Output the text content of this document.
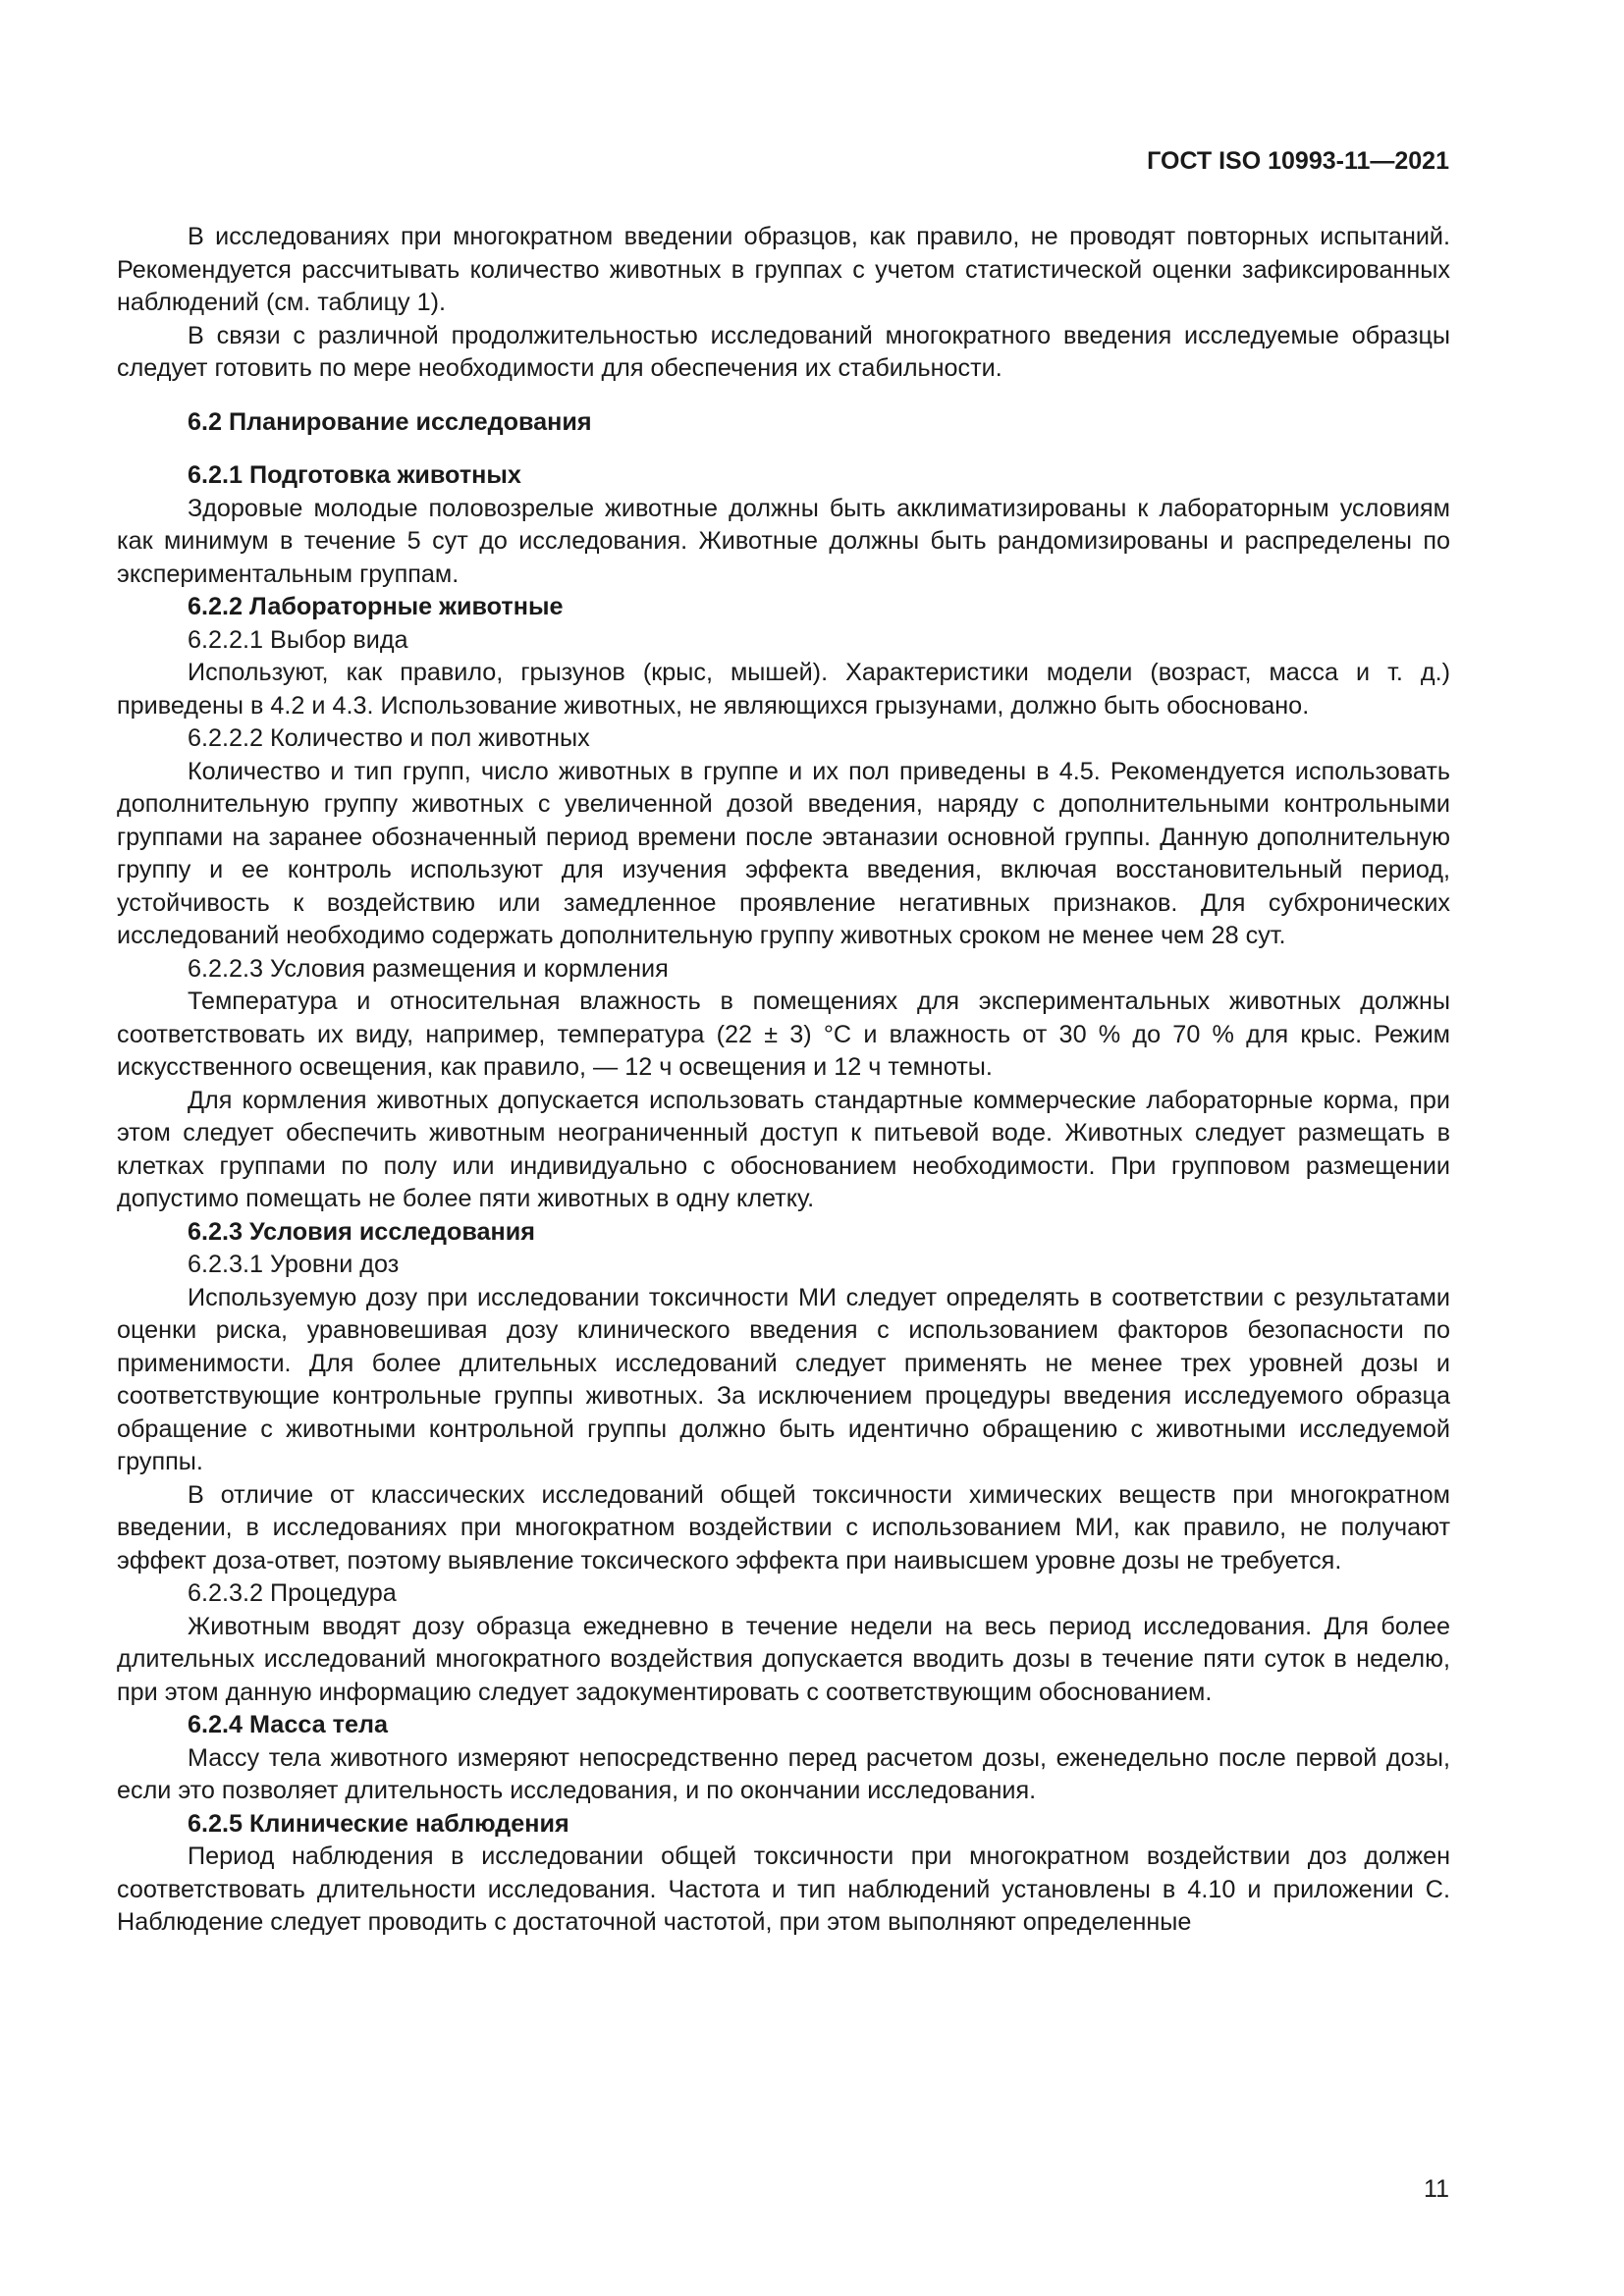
ГОСТ ISO 10993-11—2021

В исследованиях при многократном введении образцов, как правило, не проводят повторных испытаний. Рекомендуется рассчитывать количество животных в группах с учетом статистической оценки зафиксированных наблюдений (см. таблицу 1).

В связи с различной продолжительностью исследований многократного введения исследуемые образцы следует готовить по мере необходимости для обеспечения их стабильности.

6.2 Планирование исследования

6.2.1 Подготовка животных

Здоровые молодые половозрелые животные должны быть акклиматизированы к лабораторным условиям как минимум в течение 5 сут до исследования. Животные должны быть рандомизированы и распределены по экспериментальным группам.

6.2.2 Лабораторные животные

6.2.2.1 Выбор вида

Используют, как правило, грызунов (крыс, мышей). Характеристики модели (возраст, масса и т. д.) приведены в 4.2 и 4.3. Использование животных, не являющихся грызунами, должно быть обосновано.

6.2.2.2 Количество и пол животных

Количество и тип групп, число животных в группе и их пол приведены в 4.5. Рекомендуется использовать дополнительную группу животных с увеличенной дозой введения, наряду с дополнительными контрольными группами на заранее обозначенный период времени после эвтаназии основной группы. Данную дополнительную группу и ее контроль используют для изучения эффекта введения, включая восстановительный период, устойчивость к воздействию или замедленное проявление негативных признаков. Для субхронических исследований необходимо содержать дополнительную группу животных сроком не менее чем 28 сут.

6.2.2.3 Условия размещения и кормления

Температура и относительная влажность в помещениях для экспериментальных животных должны соответствовать их виду, например, температура (22 ± 3) °С и влажность от 30 % до 70 % для крыс. Режим искусственного освещения, как правило, — 12 ч освещения и 12 ч темноты.

Для кормления животных допускается использовать стандартные коммерческие лабораторные корма, при этом следует обеспечить животным неограниченный доступ к питьевой воде. Животных следует размещать в клетках группами по полу или индивидуально с обоснованием необходимости. При групповом размещении допустимо помещать не более пяти животных в одну клетку.

6.2.3 Условия исследования

6.2.3.1 Уровни доз

Используемую дозу при исследовании токсичности МИ следует определять в соответствии с результатами оценки риска, уравновешивая дозу клинического введения с использованием факторов безопасности по применимости. Для более длительных исследований следует применять не менее трех уровней дозы и соответствующие контрольные группы животных. За исключением процедуры введения исследуемого образца обращение с животными контрольной группы должно быть идентично обращению с животными исследуемой группы.

В отличие от классических исследований общей токсичности химических веществ при многократном введении, в исследованиях при многократном воздействии с использованием МИ, как правило, не получают эффект доза-ответ, поэтому выявление токсического эффекта при наивысшем уровне дозы не требуется.

6.2.3.2 Процедура

Животным вводят дозу образца ежедневно в течение недели на весь период исследования. Для более длительных исследований многократного воздействия допускается вводить дозы в течение пяти суток в неделю, при этом данную информацию следует задокументировать с соответствующим обоснованием.

6.2.4 Масса тела

Массу тела животного измеряют непосредственно перед расчетом дозы, еженедельно после первой дозы, если это позволяет длительность исследования, и по окончании исследования.

6.2.5 Клинические наблюдения

Период наблюдения в исследовании общей токсичности при многократном воздействии доз должен соответствовать длительности исследования. Частота и тип наблюдений установлены в 4.10 и приложении С. Наблюдение следует проводить с достаточной частотой, при этом выполняют определенные

11
